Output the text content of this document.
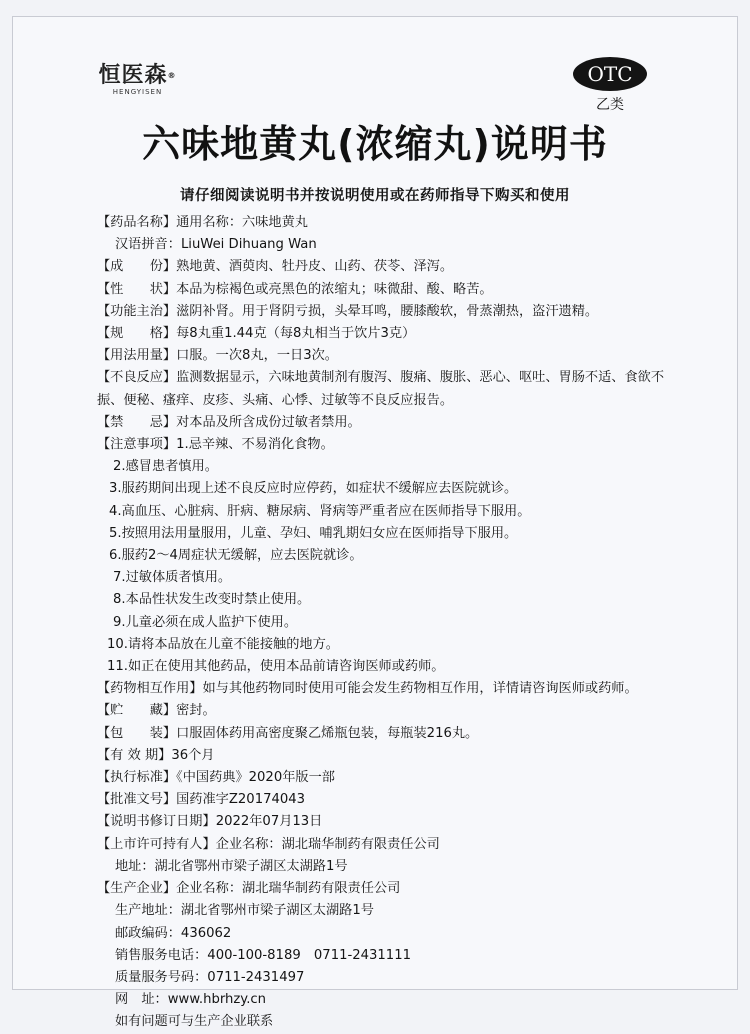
恒医森®
HENGYISEN
OTC
乙类
六味地黄丸(浓缩丸)说明书
请仔细阅读说明书并按说明使用或在药师指导下购买和使用
【药品名称】通用名称：六味地黄丸
汉语拼音：LiuWei Dihuang Wan
【成　　份】熟地黄、酒萸肉、牡丹皮、山药、茯苓、泽泻。
【性　　状】本品为棕褐色或亮黑色的浓缩丸；味微甜、酸、略苦。
【功能主治】滋阴补肾。用于肾阴亏损，头晕耳鸣，腰膝酸软，骨蒸潮热，盗汗遗精。
【规　　格】每8丸重1.44克（每8丸相当于饮片3克）
【用法用量】口服。一次8丸，一日3次。
【不良反应】监测数据显示，六味地黄制剂有腹泻、腹痛、腹胀、恶心、呕吐、胃肠不适、食欲不振、便秘、瘙痒、皮疹、头痛、心悸、过敏等不良反应报告。
【禁　　忌】对本品及所含成份过敏者禁用。
【注意事项】1.忌辛辣、不易消化食物。
2.感冒患者慎用。
3.服药期间出现上述不良反应时应停药，如症状不缓解应去医院就诊。
4.高血压、心脏病、肝病、糖尿病、肾病等严重者应在医师指导下服用。
5.按照用法用量服用，儿童、孕妇、哺乳期妇女应在医师指导下服用。
6.服药2～4周症状无缓解，应去医院就诊。
7.过敏体质者慎用。
8.本品性状发生改变时禁止使用。
9.儿童必须在成人监护下使用。
10.请将本品放在儿童不能接触的地方。
11.如正在使用其他药品，使用本品前请咨询医师或药师。
【药物相互作用】如与其他药物同时使用可能会发生药物相互作用，详情请咨询医师或药师。
【贮　　藏】密封。
【包　　装】口服固体药用高密度聚乙烯瓶包装，每瓶装216丸。
【有 效 期】36个月
【执行标准】《中国药典》2020年版一部
【批准文号】国药准字Z20174043
【说明书修订日期】2022年07月13日
【上市许可持有人】企业名称：湖北瑞华制药有限责任公司
地址：湖北省鄂州市梁子湖区太湖路1号
【生产企业】企业名称：湖北瑞华制药有限责任公司
生产地址：湖北省鄂州市梁子湖区太湖路1号
邮政编码：436062
销售服务电话：400-100-8189　0711-2431111
质量服务号码：0711-2431497
网　址：www.hbrhzy.cn
如有问题可与生产企业联系
